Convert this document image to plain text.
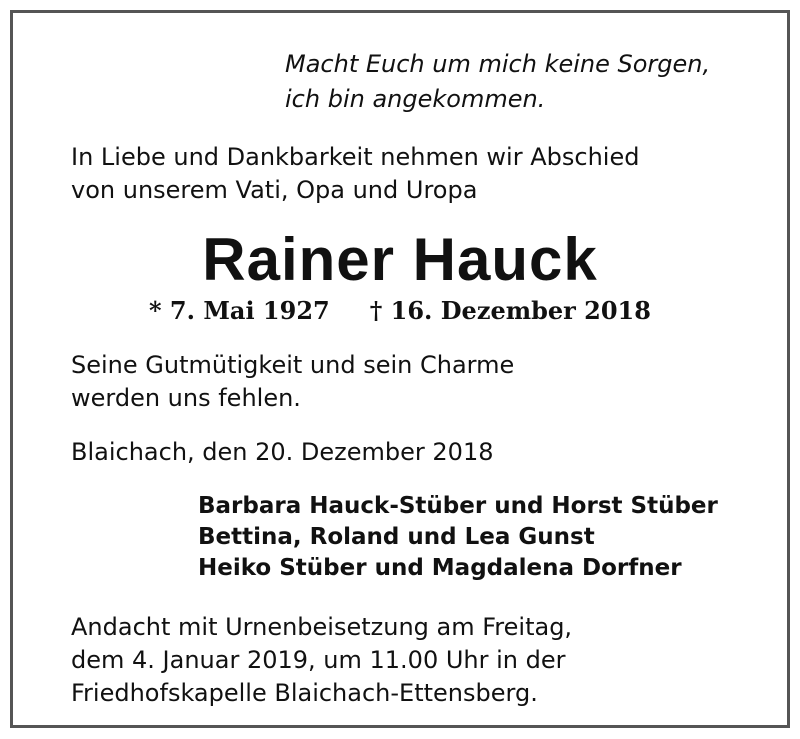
Macht Euch um mich keine Sorgen,
ich bin angekommen.
In Liebe und Dankbarkeit nehmen wir Abschied
von unserem Vati, Opa und Uropa
Rainer Hauck
* 7. Mai 1927 † 16. Dezember 2018
Seine Gutmütigkeit und sein Charme
werden uns fehlen.
Blaichach, den 20. Dezember 2018
Barbara Hauck-Stüber und Horst Stüber
Bettina, Roland und Lea Gunst
Heiko Stüber und Magdalena Dorfner
Andacht mit Urnenbeisetzung am Freitag,
dem 4. Januar 2019, um 11.00 Uhr in der
Friedhofskapelle Blaichach-Ettensberg.
